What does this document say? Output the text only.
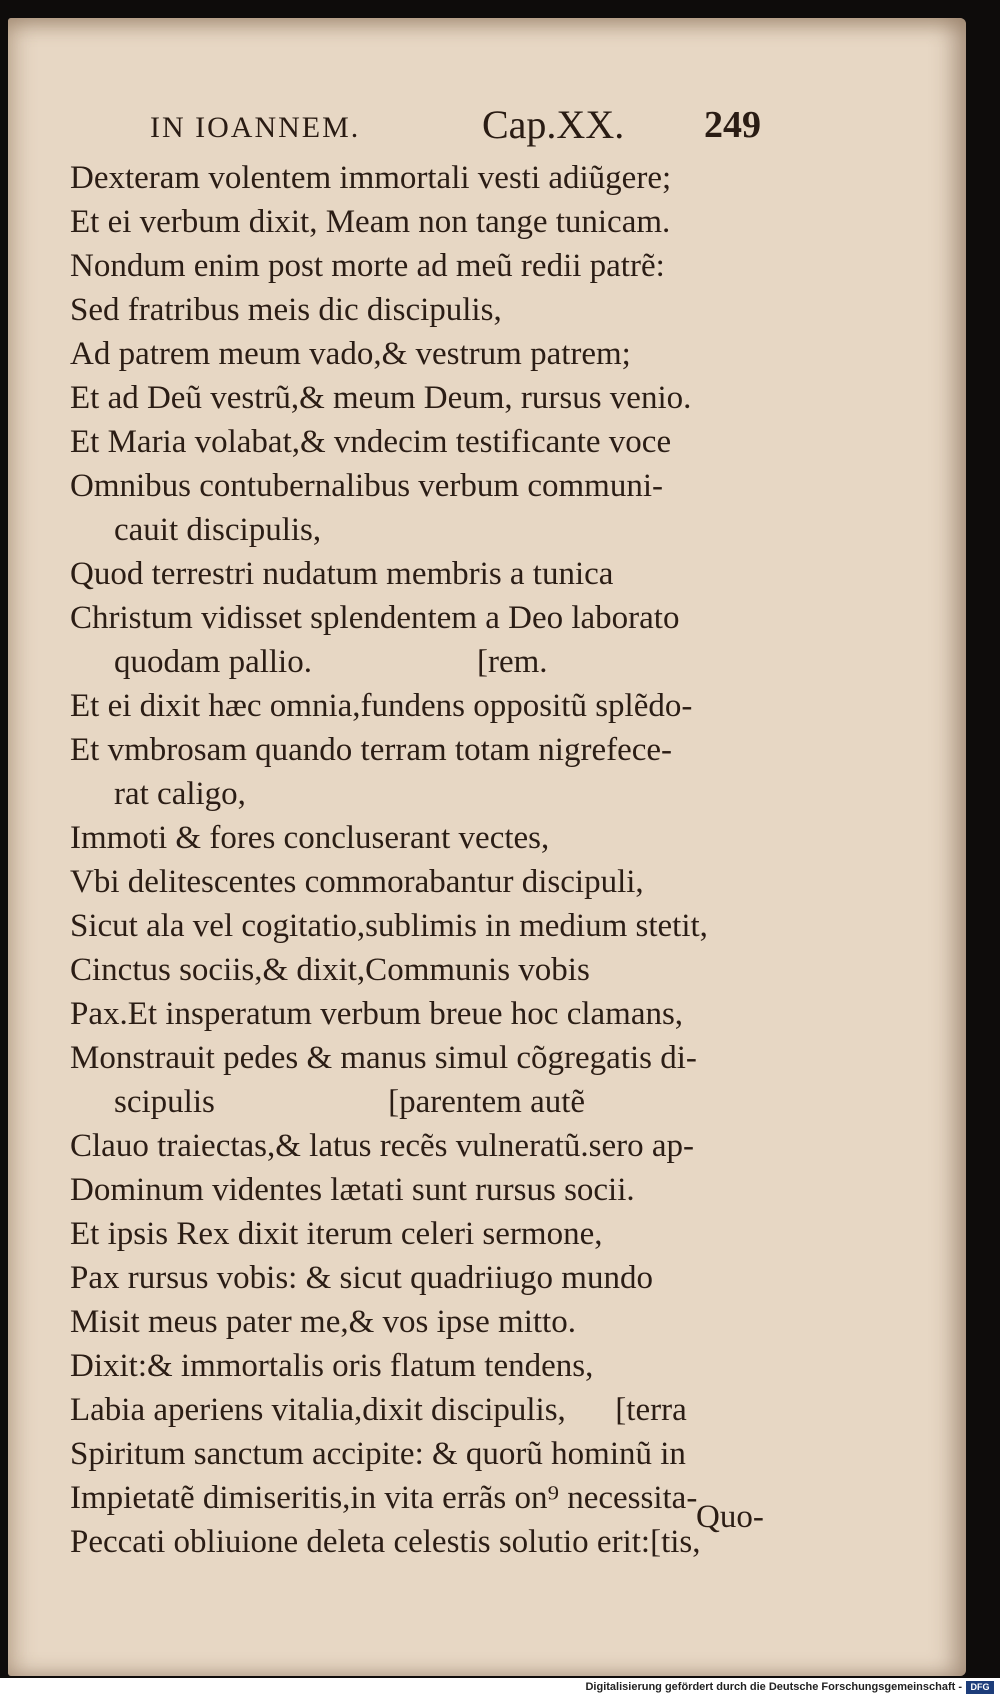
IN IOANNEM.	Cap.XX. 249
Dexteram volentem immortali vesti adiũgere;
Et ei verbum dixit, Meam non tange tunicam.
Nondum enim post morte ad meũ redii patrẽ:
Sed fratribus meis dic discipulis,
Ad patrem meum vado,& vestrum patrem;
Et ad Deũ vestrũ,& meum Deum, rursus venio.
Et Maria volabat,& vndecim testificante voce
Omnibus contubernalibus verbum communi-
cauit discipulis,
Quod terrestri nudatum membris a tunica
Christum vidisset splendentem a Deo laborato
quodam pallio.                    [rem.
Et ei dixit hæc omnia,fundens oppositũ splẽdo-
Et vmbrosam quando terram totam nigrefece-
rat caligo,
Immoti & fores concluserant vectes,
Vbi delitescentes commorabantur discipuli,
Sicut ala vel cogitatio,sublimis in medium stetit,
Cinctus sociis,& dixit,Communis vobis
Pax.Et insperatum verbum breue hoc clamans,
Monstrauit pedes & manus simul cõgregatis di-
scipulis                     [parentem autẽ
Clauo traiectas,& latus recẽs vulneratũ.sero ap-
Dominum videntes lætati sunt rursus socii.
Et ipsis Rex dixit iterum celeri sermone,
Pax rursus vobis: & sicut quadriiugo mundo
Misit meus pater me,& vos ipse mitto.
Dixit:& immortalis oris flatum tendens,
Labia aperiens vitalia,dixit discipulis,      [terra
Spiritum sanctum accipite: & quorũ hominũ in
Impietatẽ dimiseritis,in vita errãs on⁹ necessita-
Peccati obliuione deleta celestis solutio erit:[tis,
Quo-
Digitalisierung gefördert durch die Deutsche Forschungsgemeinschaft - DFG
